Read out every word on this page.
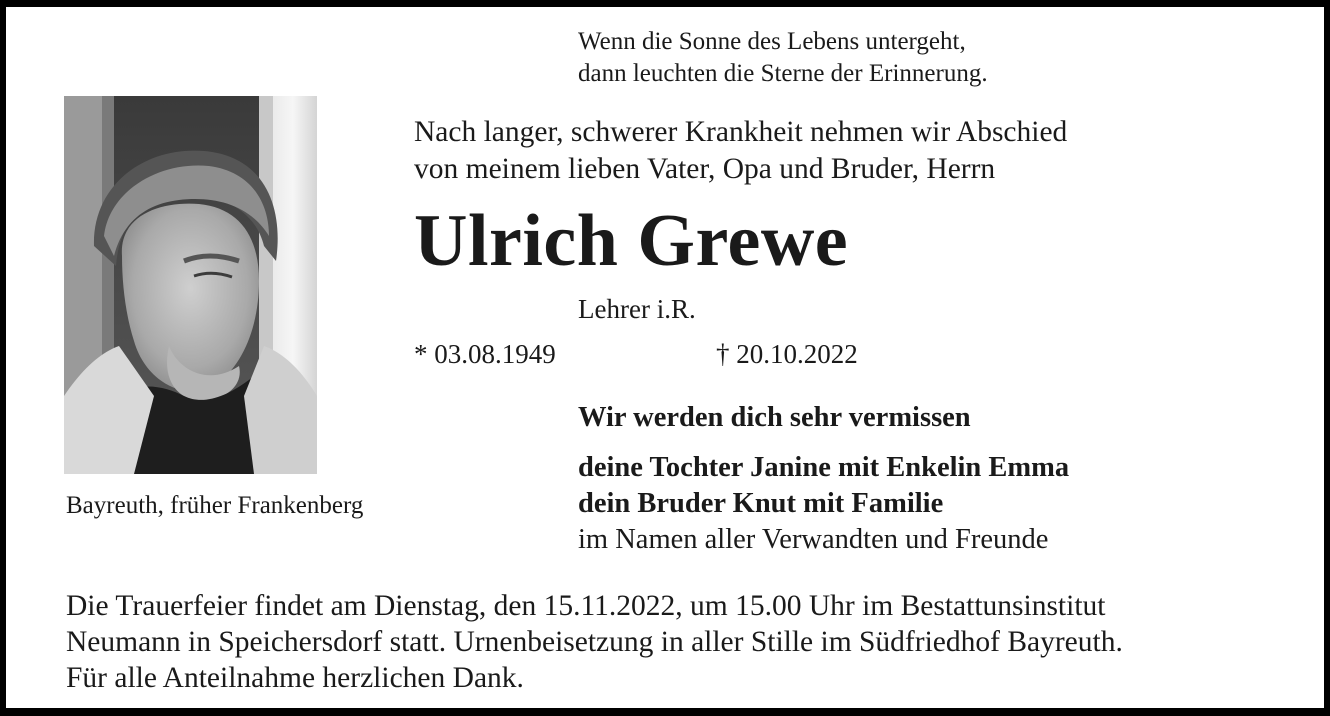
Wenn die Sonne des Lebens untergeht,
dann leuchten die Sterne der Erinnerung.
Nach langer, schwerer Krankheit nehmen wir Abschied
von meinem lieben Vater, Opa und Bruder, Herrn
Ulrich Grewe
Lehrer i.R.
* 03.08.1949	† 20.10.2022
Wir werden dich sehr vermissen
deine Tochter Janine mit Enkelin Emma
dein Bruder Knut mit Familie
im Namen aller Verwandten und Freunde
Bayreuth, früher Frankenberg
Die Trauerfeier findet am Dienstag, den 15.11.2022, um 15.00 Uhr im Bestattunsinstitut
Neumann in Speichersdorf statt. Urnenbeisetzung in aller Stille im Südfriedhof Bayreuth.
Für alle Anteilnahme herzlichen Dank.
